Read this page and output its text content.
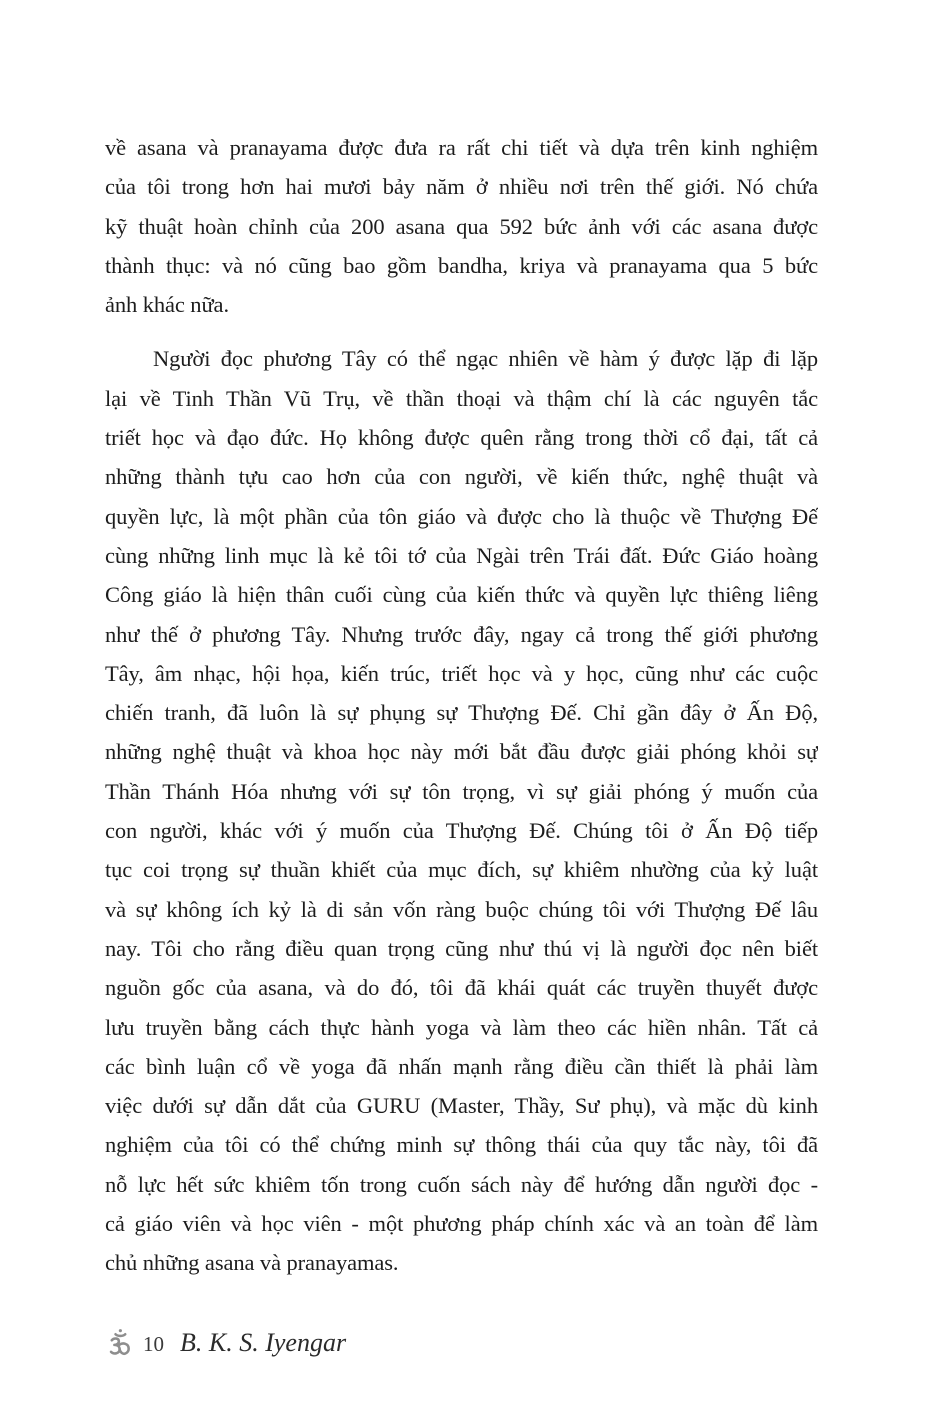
về asana và pranayama được đưa ra rất chi tiết và dựa trên kinh nghiệm

của tôi trong hơn hai mươi bảy năm ở nhiều nơi trên thế giới. Nó chứa

kỹ thuật hoàn chỉnh của 200 asana qua 592 bức ảnh với các asana được

thành thục: và nó cũng bao gồm bandha, kriya và pranayama qua 5 bức

ảnh khác nữa.

Người đọc phương Tây có thể ngạc nhiên về hàm ý được lặp đi lặp

lại về Tinh Thần Vũ Trụ, về thần thoại và thậm chí là các nguyên tắc

triết học và đạo đức. Họ không được quên rằng trong thời cổ đại, tất cả

những thành tựu cao hơn của con người, về kiến thức, nghệ thuật và

quyền lực, là một phần của tôn giáo và được cho là thuộc về Thượng Đế

cùng những linh mục là kẻ tôi tớ của Ngài trên Trái đất. Đức Giáo hoàng

Công giáo là hiện thân cuối cùng của kiến thức và quyền lực thiêng liêng

như thế ở phương Tây. Nhưng trước đây, ngay cả trong thế giới phương

Tây, âm nhạc, hội họa, kiến trúc, triết học và y học, cũng như các cuộc

chiến tranh, đã luôn là sự phụng sự Thượng Đế. Chỉ gần đây ở Ấn Độ,

những nghệ thuật và khoa học này mới bắt đầu được giải phóng khỏi sự

Thần Thánh Hóa nhưng với sự tôn trọng, vì sự giải phóng ý muốn của

con người, khác với ý muốn của Thượng Đế. Chúng tôi ở Ấn Độ tiếp

tục coi trọng sự thuần khiết của mục đích, sự khiêm nhường của kỷ luật

và sự không ích kỷ là di sản vốn ràng buộc chúng tôi với Thượng Đế lâu

nay. Tôi cho rằng điều quan trọng cũng như thú vị là người đọc nên biết

nguồn gốc của asana, và do đó, tôi đã khái quát các truyền thuyết được

lưu truyền bằng cách thực hành yoga và làm theo các hiền nhân. Tất cả

các bình luận cổ về yoga đã nhấn mạnh rằng điều cần thiết là phải làm

việc dưới sự dẫn dắt của GURU (Master, Thầy, Sư phụ), và mặc dù kinh

nghiệm của tôi có thể chứng minh sự thông thái của quy tắc này, tôi đã

nỗ lực hết sức khiêm tốn trong cuốn sách này để hướng dẫn người đọc -

cả giáo viên và học viên - một phương pháp chính xác và an toàn để làm

chủ những asana và pranayamas.

10 B. K. S. Iyengar
